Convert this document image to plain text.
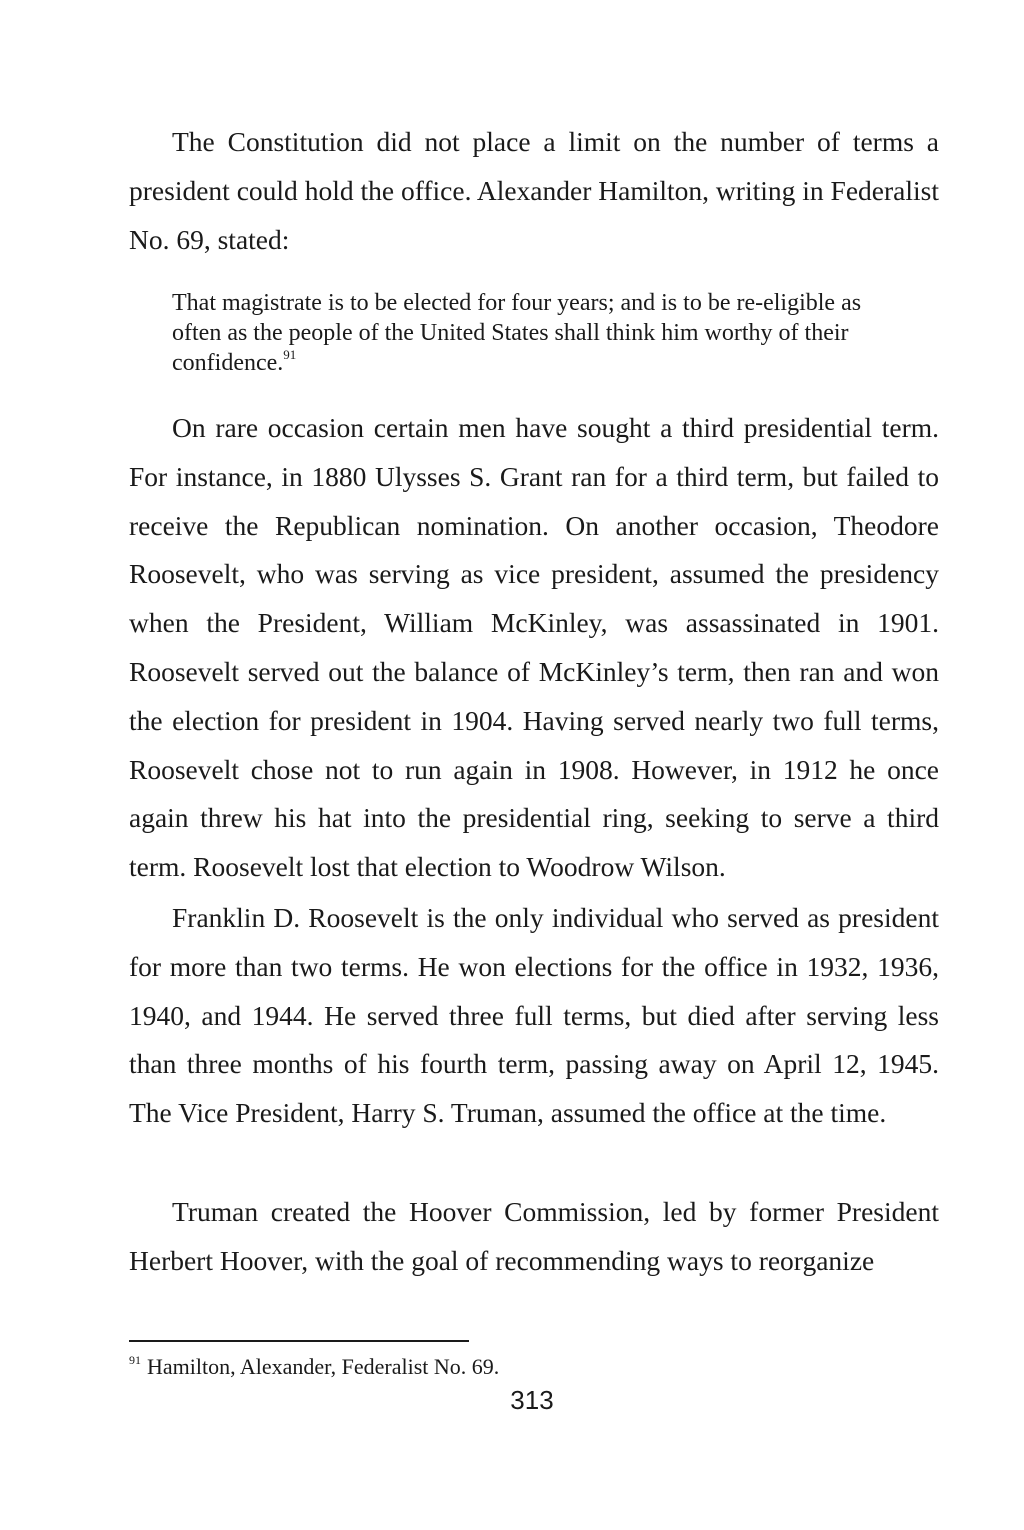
The Constitution did not place a limit on the number of terms a president could hold the office. Alexander Hamilton, writing in Federalist No. 69, stated:

That magistrate is to be elected for four years; and is to be re-eligible as often as the people of the United States shall think him worthy of their confidence.$^{91}$

On rare occasion certain men have sought a third presidential term. For instance, in 1880 Ulysses S. Grant ran for a third term, but failed to receive the Republican nomination. On another occasion, Theodore Roosevelt, who was serving as vice president, assumed the presidency when the President, William McKinley, was assassinated in 1901. Roosevelt served out the balance of McKinley’s term, then ran and won the election for president in 1904. Having served nearly two full terms, Roosevelt chose not to run again in 1908. However, in 1912 he once again threw his hat into the presidential ring, seeking to serve a third term. Roosevelt lost that election to Woodrow Wilson.

Franklin D. Roosevelt is the only individual who served as president for more than two terms. He won elections for the office in 1932, 1936, 1940, and 1944. He served three full terms, but died after serving less than three months of his fourth term, passing away on April 12, 1945. The Vice President, Harry S. Truman, assumed the office at the time.

Truman created the Hoover Commission, led by former President Herbert Hoover, with the goal of recommending ways to reorganize

$^{91}$ Hamilton, Alexander, Federalist No. 69.
313
